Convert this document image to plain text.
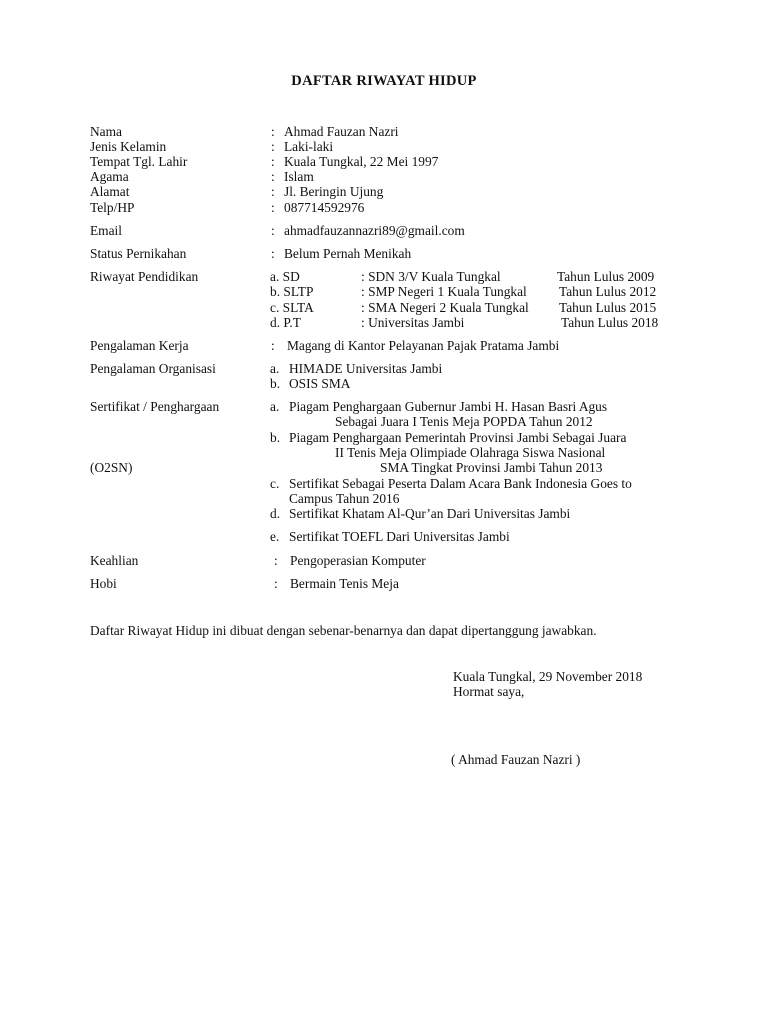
DAFTAR RIWAYAT HIDUP
Nama	: Ahmad Fauzan Nazri
Jenis Kelamin	: Laki-laki
Tempat Tgl. Lahir	: Kuala Tungkal, 22 Mei 1997
Agama	: Islam
Alamat	: Jl. Beringin Ujung
Telp/HP	: 087714592976
Email	: ahmadfauzannazri89@gmail.com
Status Pernikahan	: Belum Pernah Menikah
Riwayat Pendidikan	a. SD	: SDN 3/V Kuala Tungkal	Tahun Lulus 2009
b. SLTP	: SMP Negeri 1 Kuala Tungkal Tahun Lulus 2012
c. SLTA	: SMA Negeri 2 Kuala Tungkal Tahun Lulus 2015
d. P.T	: Universitas Jambi	Tahun Lulus 2018
Pengalaman Kerja	: Magang di Kantor Pelayanan Pajak Pratama Jambi
Pengalaman Organisasi	a. HIMADE Universitas Jambi
b. OSIS SMA
Sertifikat / Penghargaan	a. Piagam Penghargaan Gubernur Jambi H. Hasan Basri Agus
Sebagai Juara I Tenis Meja POPDA Tahun 2012
b. Piagam Penghargaan Pemerintah Provinsi Jambi Sebagai Juara
II Tenis Meja Olimpiade Olahraga Siswa Nasional
(O2SN)	SMA Tingkat Provinsi Jambi Tahun 2013
c. Sertifikat Sebagai Peserta Dalam Acara Bank Indonesia Goes to
Campus Tahun 2016
d. Sertifikat Khatam Al-Qur’an Dari Universitas Jambi
e. Sertifikat TOEFL Dari Universitas Jambi
Keahlian	: Pengoperasian Komputer
Hobi	: Bermain Tenis Meja
Daftar Riwayat Hidup ini dibuat dengan sebenar-benarnya dan dapat dipertanggung jawabkan.
Kuala Tungkal, 29 November 2018
Hormat saya,
( Ahmad Fauzan Nazri )
